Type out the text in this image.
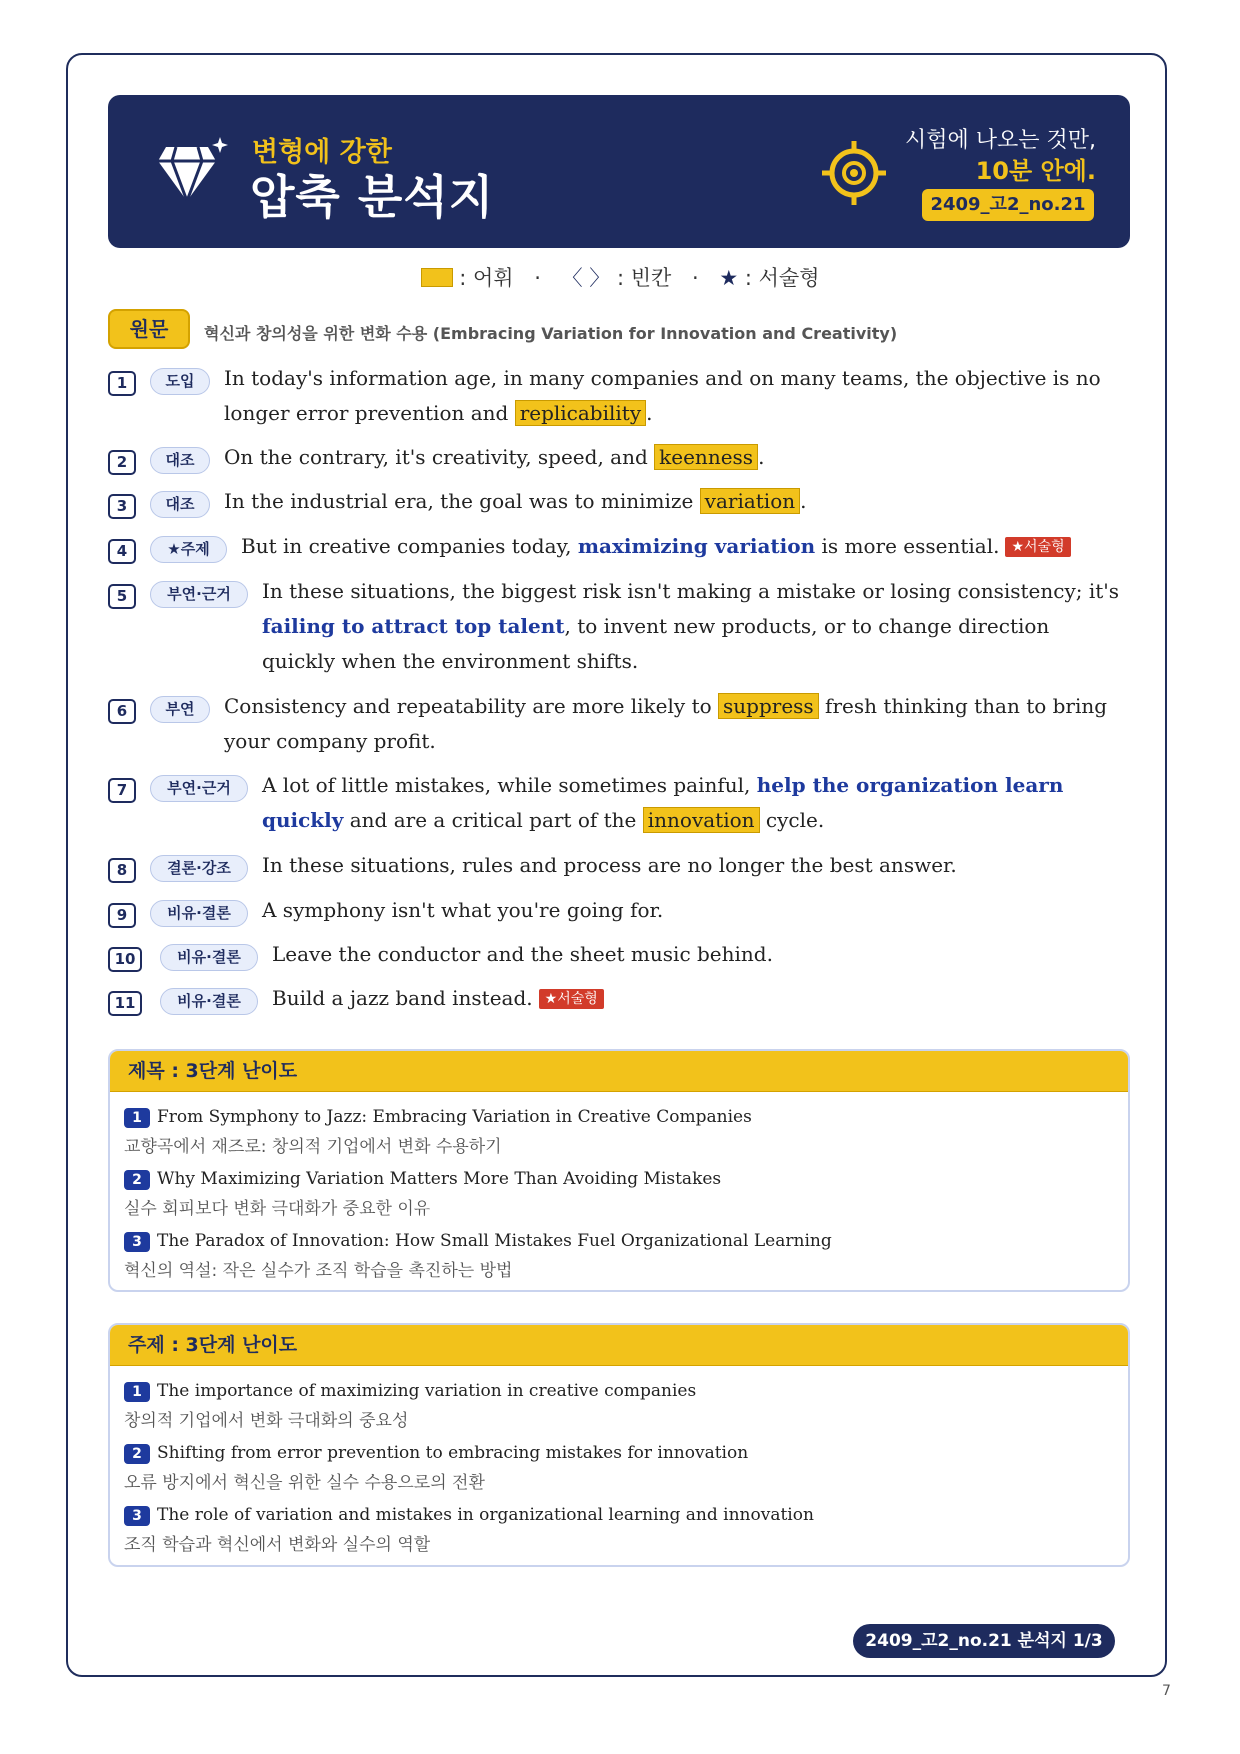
변형에 강한
압축 분석지
시험에 나오는 것만,
10분 안에.
2409_고2_no.21
: 어휘 · 〈 〉 : 빈칸 · ★ : 서술형
원문	혁신과 창의성을 위한 변화 수용 (Embracing Variation for Innovation and Creativity)
1	도입	In today's information age, in many companies and on many teams, the objective is no longer error prevention and replicability .
2	대조	On the contrary, it's creativity, speed, and keenness .
3	대조	In the industrial era, the goal was to minimize variation .
4	★주제	But in creative companies today, maximizing variation is more essential. ★서술형
5	부연·근거	In these situations, the biggest risk isn't making a mistake or losing consistency; it's failing to attract top talent, to invent new products, or to change direction quickly when the environment shifts.
6	부연	Consistency and repeatability are more likely to suppress fresh thinking than to bring your company profit.
7	부연·근거	A lot of little mistakes, while sometimes painful, help the organization learn quickly and are a critical part of the innovation cycle.
8	결론·강조	In these situations, rules and process are no longer the best answer.
9	비유·결론	A symphony isn't what you're going for.
10	비유·결론	Leave the conductor and the sheet music behind.
11	비유·결론	Build a jazz band instead. ★서술형
제목 : 3단계 난이도
1 From Symphony to Jazz: Embracing Variation in Creative Companies
교향곡에서 재즈로: 창의적 기업에서 변화 수용하기
2 Why Maximizing Variation Matters More Than Avoiding Mistakes
실수 회피보다 변화 극대화가 중요한 이유
3 The Paradox of Innovation: How Small Mistakes Fuel Organizational Learning
혁신의 역설: 작은 실수가 조직 학습을 촉진하는 방법
주제 : 3단계 난이도
1 The importance of maximizing variation in creative companies
창의적 기업에서 변화 극대화의 중요성
2 Shifting from error prevention to embracing mistakes for innovation
오류 방지에서 혁신을 위한 실수 수용으로의 전환
3 The role of variation and mistakes in organizational learning and innovation
조직 학습과 혁신에서 변화와 실수의 역할
2409_고2_no.21 분석지 1/3
7
